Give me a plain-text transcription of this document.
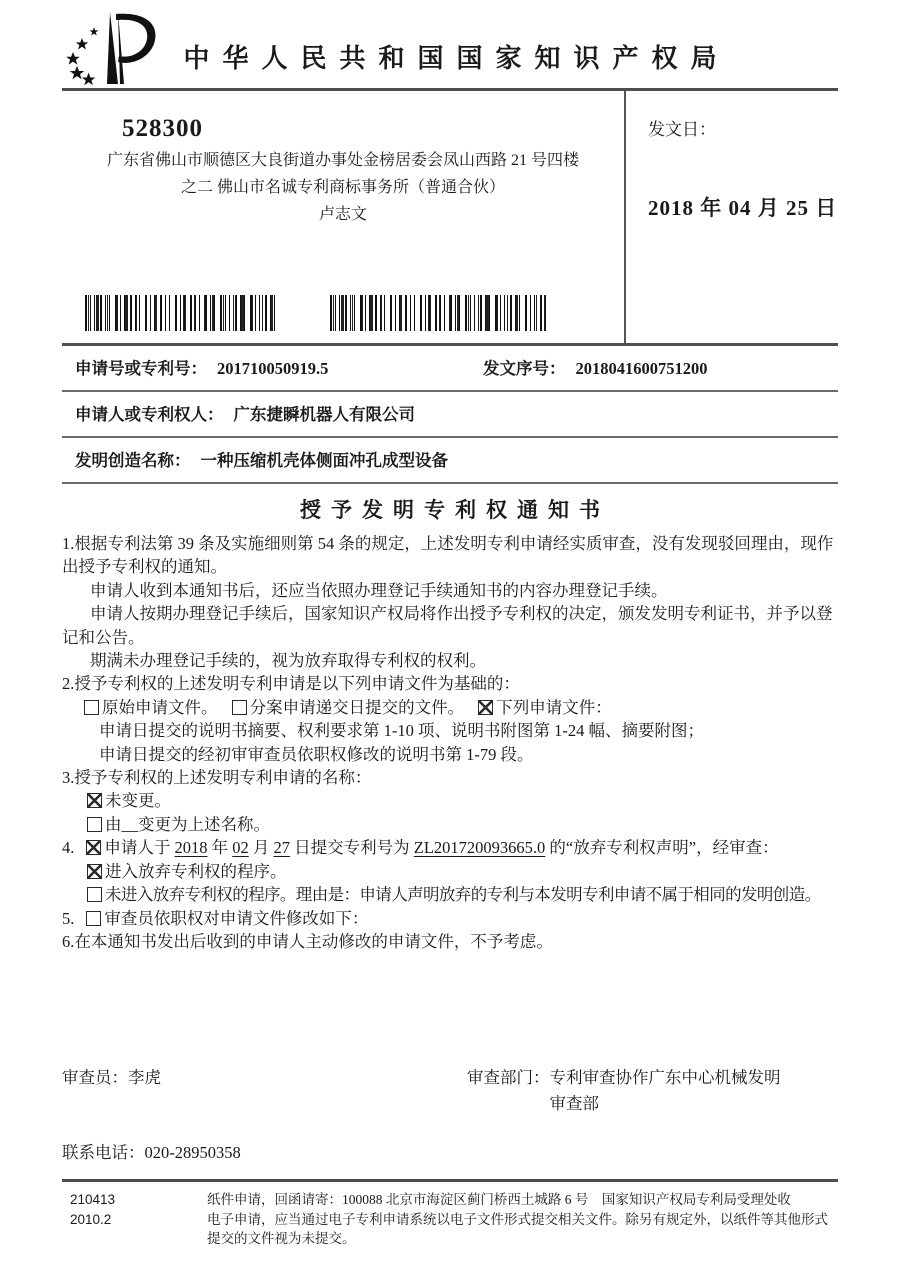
中华人民共和国国家知识产权局
528300
广东省佛山市顺德区大良街道办事处金榜居委会凤山西路 21 号四楼
之二 佛山市名诚专利商标事务所（普通合伙）
卢志文
发文日：
2018 年 04 月 25 日
申请号或专利号： 201710050919.5	发文序号： 2018041600751200
申请人或专利权人： 广东捷瞬机器人有限公司
发明创造名称： 一种压缩机壳体侧面冲孔成型设备
授予发明专利权通知书

1.根据专利法第 39 条及实施细则第 54 条的规定，上述发明专利申请经实质审查，没有发现驳回理由，现作出授予专利权的通知。

申请人收到本通知书后，还应当依照办理登记手续通知书的内容办理登记手续。

申请人按期办理登记手续后，国家知识产权局将作出授予专利权的决定，颁发发明专利证书，并予以登记和公告。

期满未办理登记手续的，视为放弃取得专利权的权利。

2.授予专利权的上述发明专利申请是以下列申请文件为基础的：

原始申请文件。 分案申请递交日提交的文件。 下列申请文件：

申请日提交的说明书摘要、权利要求第 1-10 项、说明书附图第 1-24 幅、摘要附图；

申请日提交的经初审审查员依职权修改的说明书第 1-79 段。

3.授予专利权的上述发明专利申请的名称：

未变更。

由__变更为上述名称。

4. 申请人于 2018 年 02 月 27 日提交专利号为 ZL201720093665.0 的“放弃专利权声明”，经审查：

进入放弃专利权的程序。

未进入放弃专利权的程序。理由是：申请人声明放弃的专利与本发明专利申请不属于相同的发明创造。

5. 审查员依职权对申请文件修改如下：

6.在本通知书发出后收到的申请人主动修改的申请文件，不予考虑。

审查员：李虎	审查部门： 专利审查协作广东中心机械发明审查部
联系电话：020-28950358
210413	纸件申请，回函请寄：100088 北京市海淀区蓟门桥西土城路 6 号　国家知识产权局专利局受理处收
2010.2	电子申请，应当通过电子专利申请系统以电子文件形式提交相关文件。除另有规定外，以纸件等其他形式提交的文件视为未提交。
